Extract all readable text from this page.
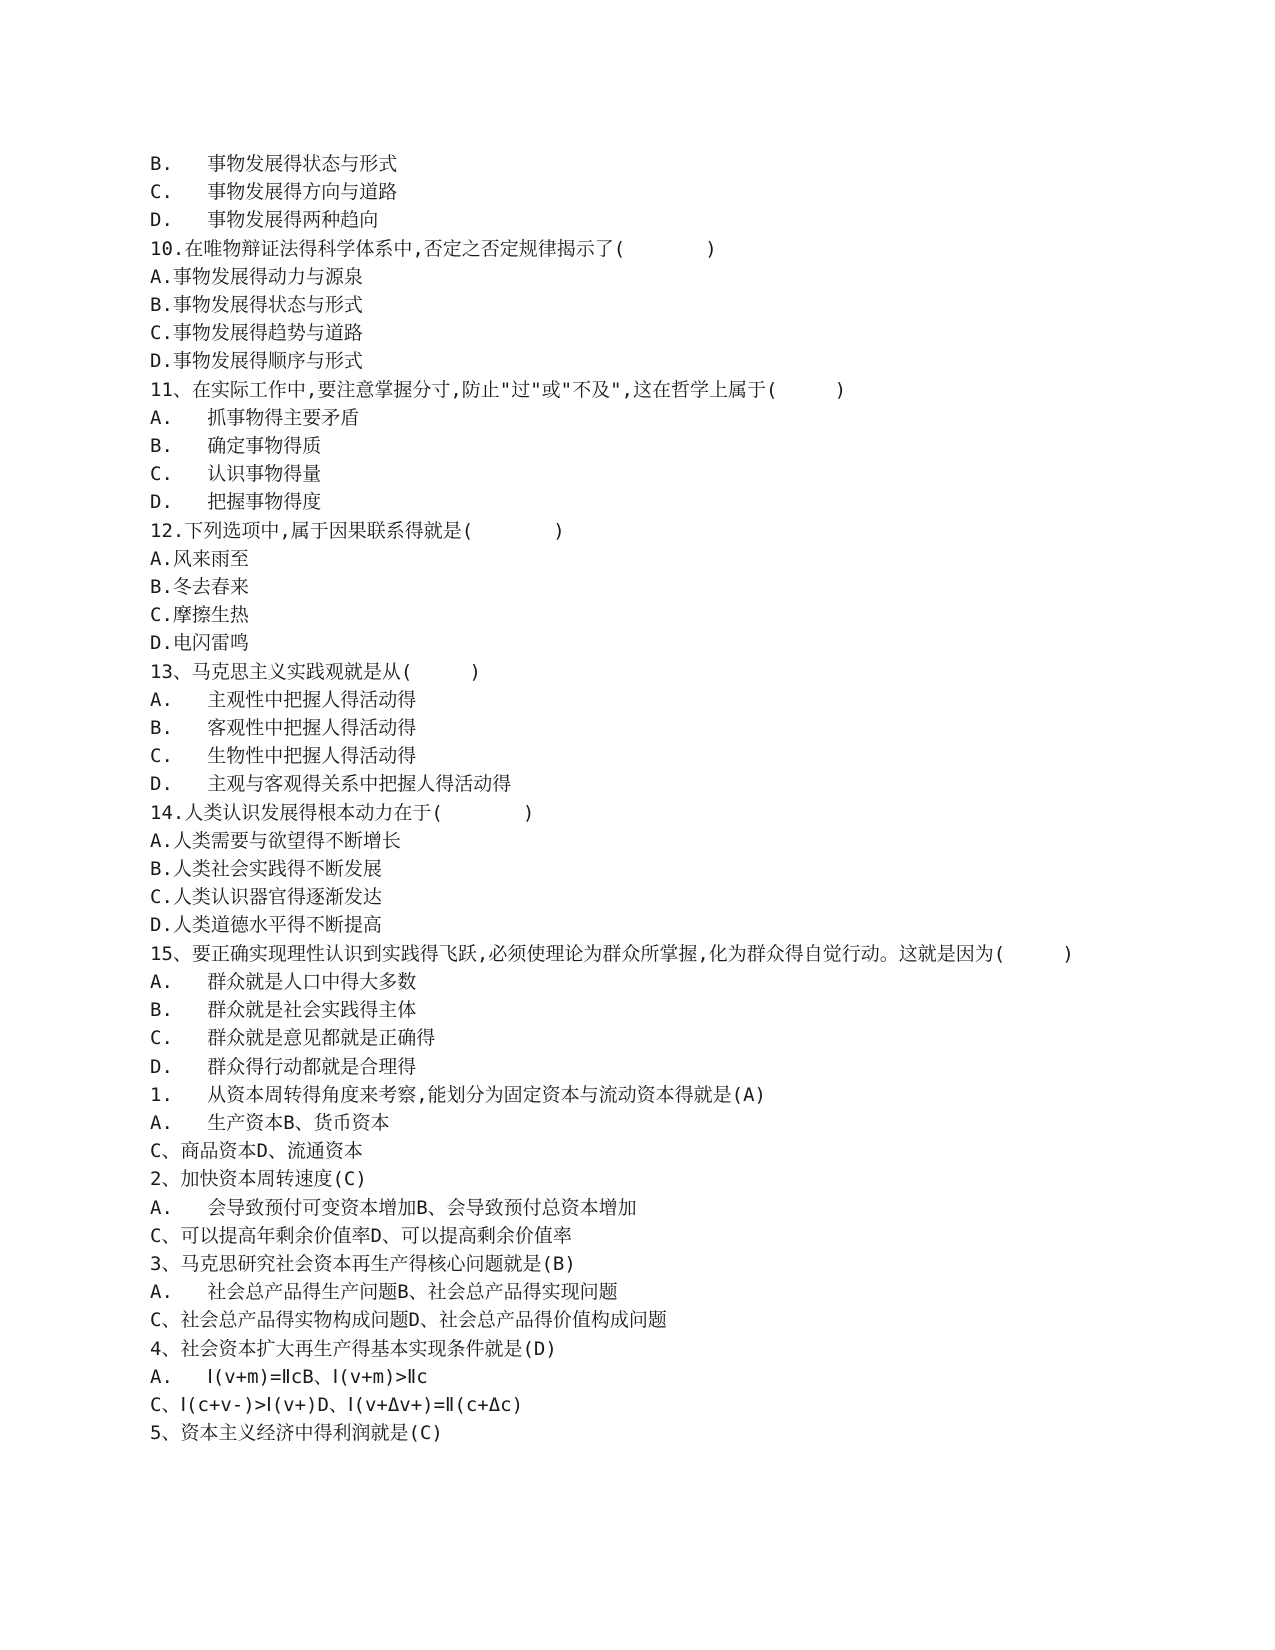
B.   事物发展得状态与形式

C.   事物发展得方向与道路

D.   事物发展得两种趋向

10.在唯物辩证法得科学体系中,否定之否定规律揭示了(       )

A.事物发展得动力与源泉

B.事物发展得状态与形式

C.事物发展得趋势与道路

D.事物发展得顺序与形式

11、在实际工作中,要注意掌握分寸,防止"过"或"不及",这在哲学上属于(     )

A.   抓事物得主要矛盾

B.   确定事物得质

C.   认识事物得量

D.   把握事物得度

12.下列选项中,属于因果联系得就是(       )

A.风来雨至

B.冬去春来

C.摩擦生热

D.电闪雷鸣

13、马克思主义实践观就是从(     )

A.   主观性中把握人得活动得

B.   客观性中把握人得活动得

C.   生物性中把握人得活动得

D.   主观与客观得关系中把握人得活动得

14.人类认识发展得根本动力在于(       )

A.人类需要与欲望得不断增长

B.人类社会实践得不断发展

C.人类认识器官得逐渐发达

D.人类道德水平得不断提高

15、要正确实现理性认识到实践得飞跃,必须使理论为群众所掌握,化为群众得自觉行动。这就是因为(     )

A.   群众就是人口中得大多数

B.   群众就是社会实践得主体

C.   群众就是意见都就是正确得

D.   群众得行动都就是合理得

1.   从资本周转得角度来考察,能划分为固定资本与流动资本得就是(A)

A.   生产资本B、货币资本

C、商品资本D、流通资本

2、加快资本周转速度(C)

A.   会导致预付可变资本增加B、会导致预付总资本增加

C、可以提高年剩余价值率D、可以提高剩余价值率

3、马克思研究社会资本再生产得核心问题就是(B)

A.   社会总产品得生产问题B、社会总产品得实现问题

C、社会总产品得实物构成问题D、社会总产品得价值构成问题

4、社会资本扩大再生产得基本实现条件就是(D)

A.   Ⅰ(v+m)=ⅡcB、Ⅰ(v+m)>Ⅱc

C、Ⅰ(c+v-)>Ⅰ(v+)D、Ⅰ(v+Δv+)=Ⅱ(c+Δc)

5、资本主义经济中得利润就是(C)
